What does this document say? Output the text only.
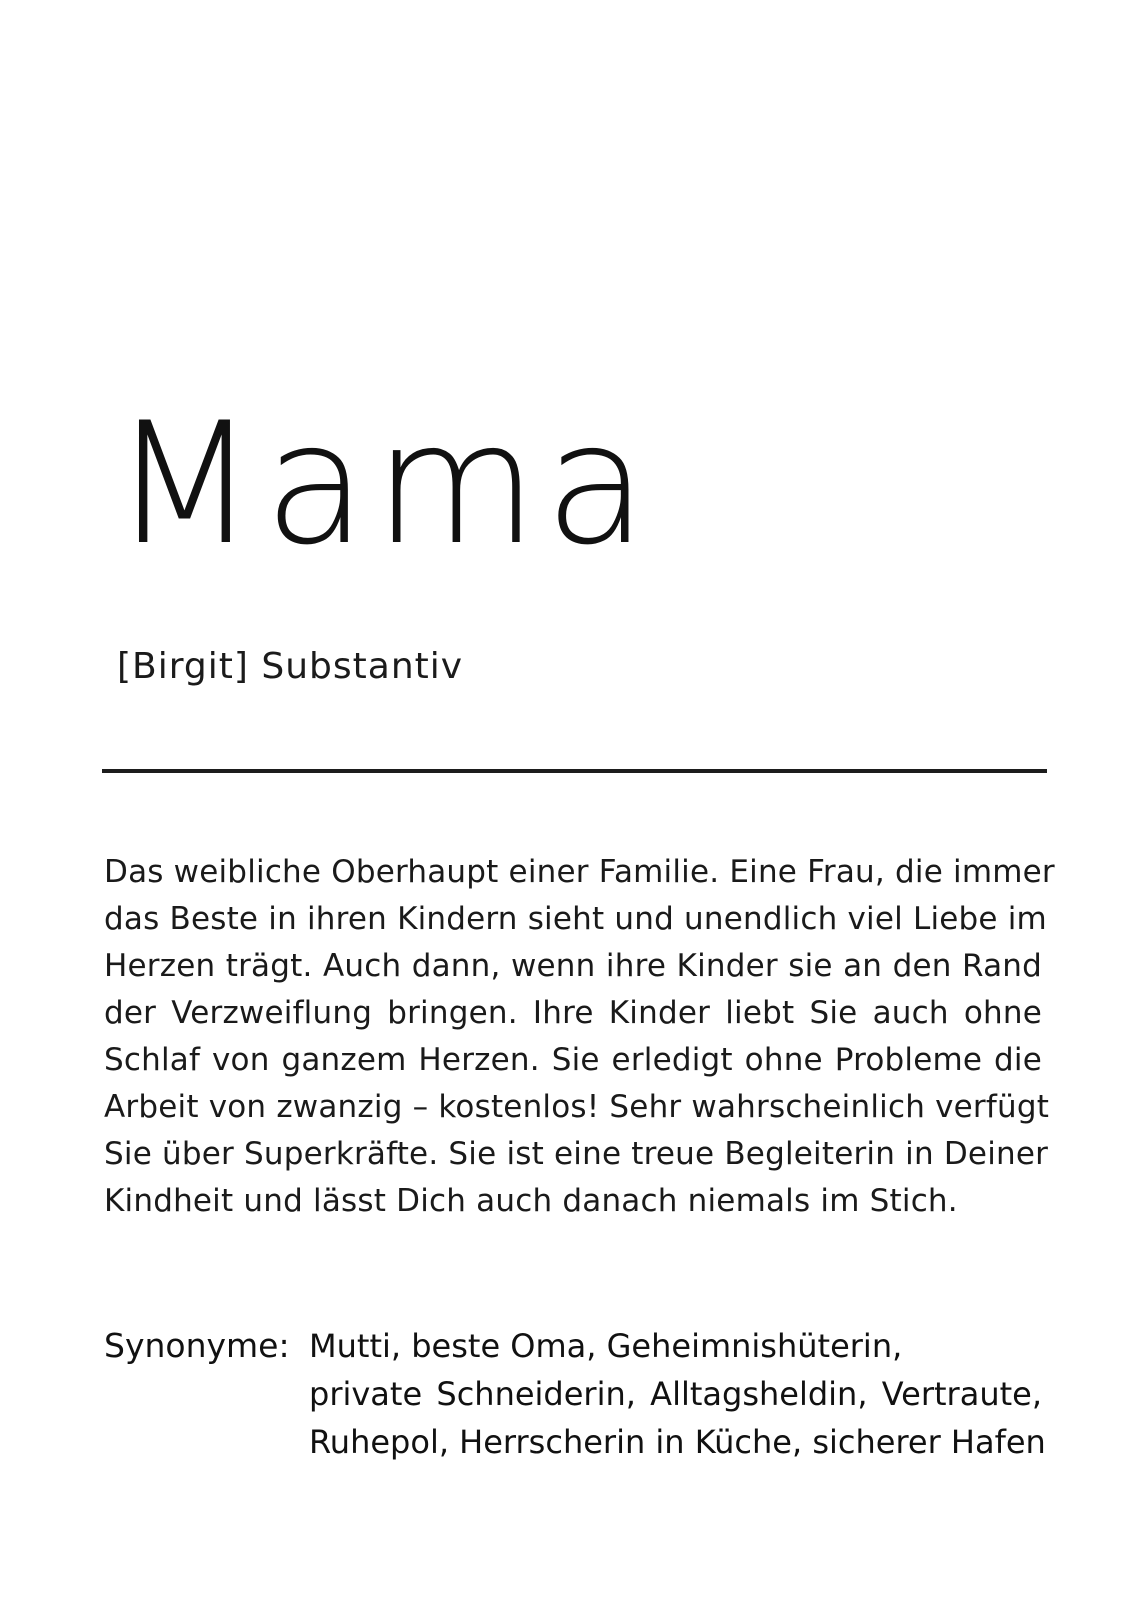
Mama

[Birgit] Substantiv

Das weibliche Oberhaupt einer Familie. Eine Frau, die immer
das Beste in ihren Kindern sieht und unendlich viel Liebe im
Herzen trägt. Auch dann, wenn ihre Kinder sie an den Rand
der Verzweiflung bringen. Ihre Kinder liebt Sie auch ohne
Schlaf von ganzem Herzen. Sie erledigt ohne Probleme die
Arbeit von zwanzig – kostenlos! Sehr wahrscheinlich verfügt
Sie über Superkräfte. Sie ist eine treue Begleiterin in Deiner
Kindheit und lässt Dich auch danach niemals im Stich.

Synonyme: Mutti, beste Oma, Geheimnishüterin,
private Schneiderin, Alltagsheldin, Vertraute,
Ruhepol, Herrscherin in Küche, sicherer Hafen
